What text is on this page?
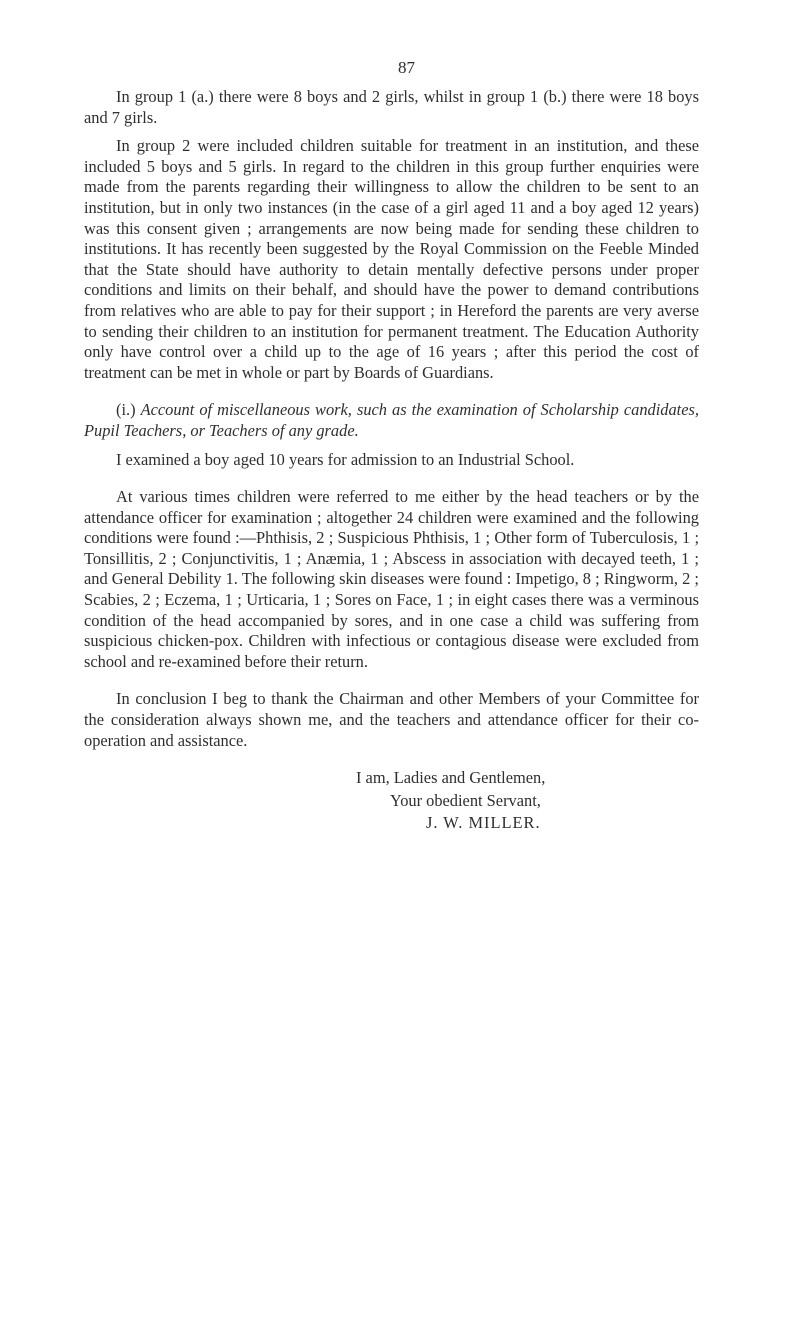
87

In group 1 (a.) there were 8 boys and 2 girls, whilst in group 1 (b.) there were 18 boys and 7 girls.

In group 2 were included children suitable for treatment in an institution, and these included 5 boys and 5 girls. In regard to the children in this group further enquiries were made from the parents regarding their willingness to allow the children to be sent to an institution, but in only two instances (in the case of a girl aged 11 and a boy aged 12 years) was this consent given ; arrangements are now being made for sending these children to institutions. It has recently been suggested by the Royal Commission on the Feeble Minded that the State should have authority to detain mentally defective persons under proper conditions and limits on their behalf, and should have the power to demand contributions from relatives who are able to pay for their support ; in Hereford the parents are very averse to sending their children to an institution for permanent treatment. The Education Authority only have control over a child up to the age of 16 years ; after this period the cost of treatment can be met in whole or part by Boards of Guardians.

(i.) Account of miscellaneous work, such as the examination of Scholarship candidates, Pupil Teachers, or Teachers of any grade.

I examined a boy aged 10 years for admission to an Industrial School.

At various times children were referred to me either by the head teachers or by the attendance officer for examination ; altogether 24 children were examined and the following conditions were found :—Phthisis, 2 ; Suspicious Phthisis, 1 ; Other form of Tuberculosis, 1 ; Tonsillitis, 2 ; Conjunctivitis, 1 ; Anæmia, 1 ; Abscess in association with decayed teeth, 1 ; and General Debility 1. The following skin diseases were found : Impetigo, 8 ; Ringworm, 2 ; Scabies, 2 ; Eczema, 1 ; Urticaria, 1 ; Sores on Face, 1 ; in eight cases there was a verminous condition of the head accompanied by sores, and in one case a child was suffering from suspicious chicken-pox. Children with infectious or contagious disease were excluded from school and re-examined before their return.

In conclusion I beg to thank the Chairman and other Members of your Committee for the consideration always shown me, and the teachers and attendance officer for their co-operation and assistance.

I am, Ladies and Gentlemen,
Your obedient Servant,
J. W. MILLER.
